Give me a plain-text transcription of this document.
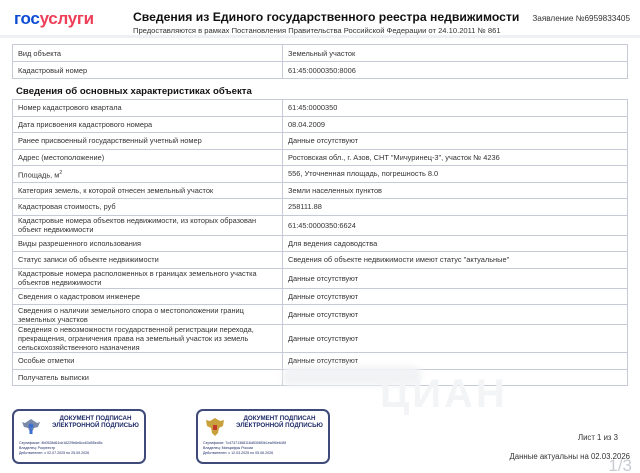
госуслуги	Сведения из Единого государственного реестра недвижимости
Предоставляются в рамках Постановления Правительства Российской Федерации от 24.10.2011 № 861
Заявление №6959833405
Вид объекта	Земельный участок
Кадастровый номер	61:45:0000350:8006
Сведения об основных характеристиках объекта
Номер кадастрового квартала	61:45:0000350
Дата присвоения кадастрового номера	08.04.2009
Ранее присвоенный государственный учетный номер	Данные отсутствуют
Адрес (местоположение)	Ростовская обл., г. Азов, СНТ "Мичуринец-3", участок № 4236
Площадь, $м^2$	556, Уточненная площадь, погрешность 8.0
Категория земель, к которой отнесен земельный участок	Земли населенных пунктов
Кадастровая стоимость, руб	258111.88
Кадастровые номера объектов недвижимости, из которых образован объект недвижимости	61:45:0000350:6624
Виды разрешенного использования	Для ведения садоводства
Статус записи об объекте недвижимости	Сведения об объекте недвижимости имеют статус "актуальные"
Кадастровые номера расположенных в границах земельного участка объектов недвижимости	Данные отсутствуют
Сведения о кадастровом инженере	Данные отсутствуют
Сведения о наличии земельного спора о местоположении границ земельных участков	Данные отсутствуют
Сведения о невозможности государственной регистрации перехода, прекращения, ограничения права на земельный участок из земель сельскохозяйственного назначения	Данные отсутствуют
Особые отметки	Данные отсутствуют
Получатель выписки		ЦИАН
ДОКУМЕНТ ПОДПИСАН ЭЛЕКТРОННОЙ ПОДПИСЬЮ
Сертификат: 4b0528d61cb16229b6e6cc63d55ed5c
Владелец: Росреестр
Действителен: с 02.07.2025 по 25.09.2026
ДОКУМЕНТ ПОДПИСАН ЭЛЕКТРОННОЙ ПОДПИСЬЮ
Сертификат: 7c47371368116d5308f3b1ea9f0e645f
Владелец: Минцифры России
Действителен: с 12.03.2025 по 05.06.2026
Лист 1 из 3
1/3
Данные актуальны на 02.03.2026
